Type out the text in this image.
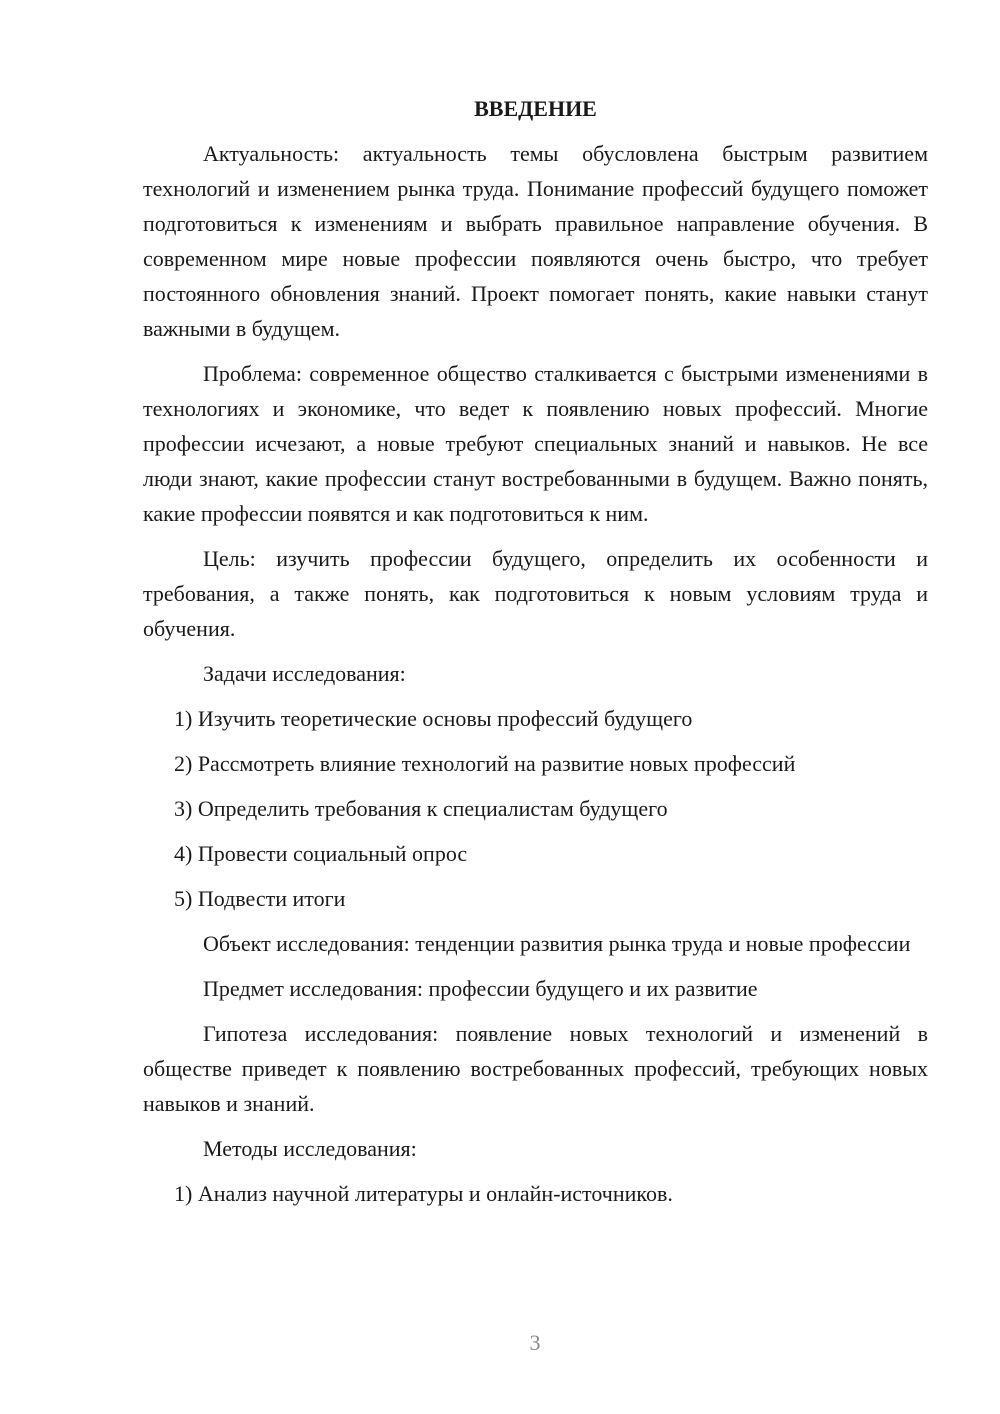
ВВЕДЕНИЕ

Актуальность: актуальность темы обусловлена быстрым развитием технологий и изменением рынка труда. Понимание профессий будущего поможет подготовиться к изменениям и выбрать правильное направление обучения. В современном мире новые профессии появляются очень быстро, что требует постоянного обновления знаний. Проект помогает понять, какие навыки станут важными в будущем.

Проблема: современное общество сталкивается с быстрыми изменениями в технологиях и экономике, что ведет к появлению новых профессий. Многие профессии исчезают, а новые требуют специальных знаний и навыков. Не все люди знают, какие профессии станут востребованными в будущем. Важно понять, какие профессии появятся и как подготовиться к ним.

Цель: изучить профессии будущего, определить их особенности и требования, а также понять, как подготовиться к новым условиям труда и обучения.

Задачи исследования:

1) Изучить теоретические основы профессий будущего
2) Рассмотреть влияние технологий на развитие новых профессий
3) Определить требования к специалистам будущего
4) Провести социальный опрос
5) Подвести итоги

Объект исследования: тенденции развития рынка труда и новые профессии

Предмет исследования: профессии будущего и их развитие

Гипотеза исследования: появление новых технологий и изменений в обществе приведет к появлению востребованных профессий, требующих новых навыков и знаний.

Методы исследования:

1) Анализ научной литературы и онлайн-источников.
3
